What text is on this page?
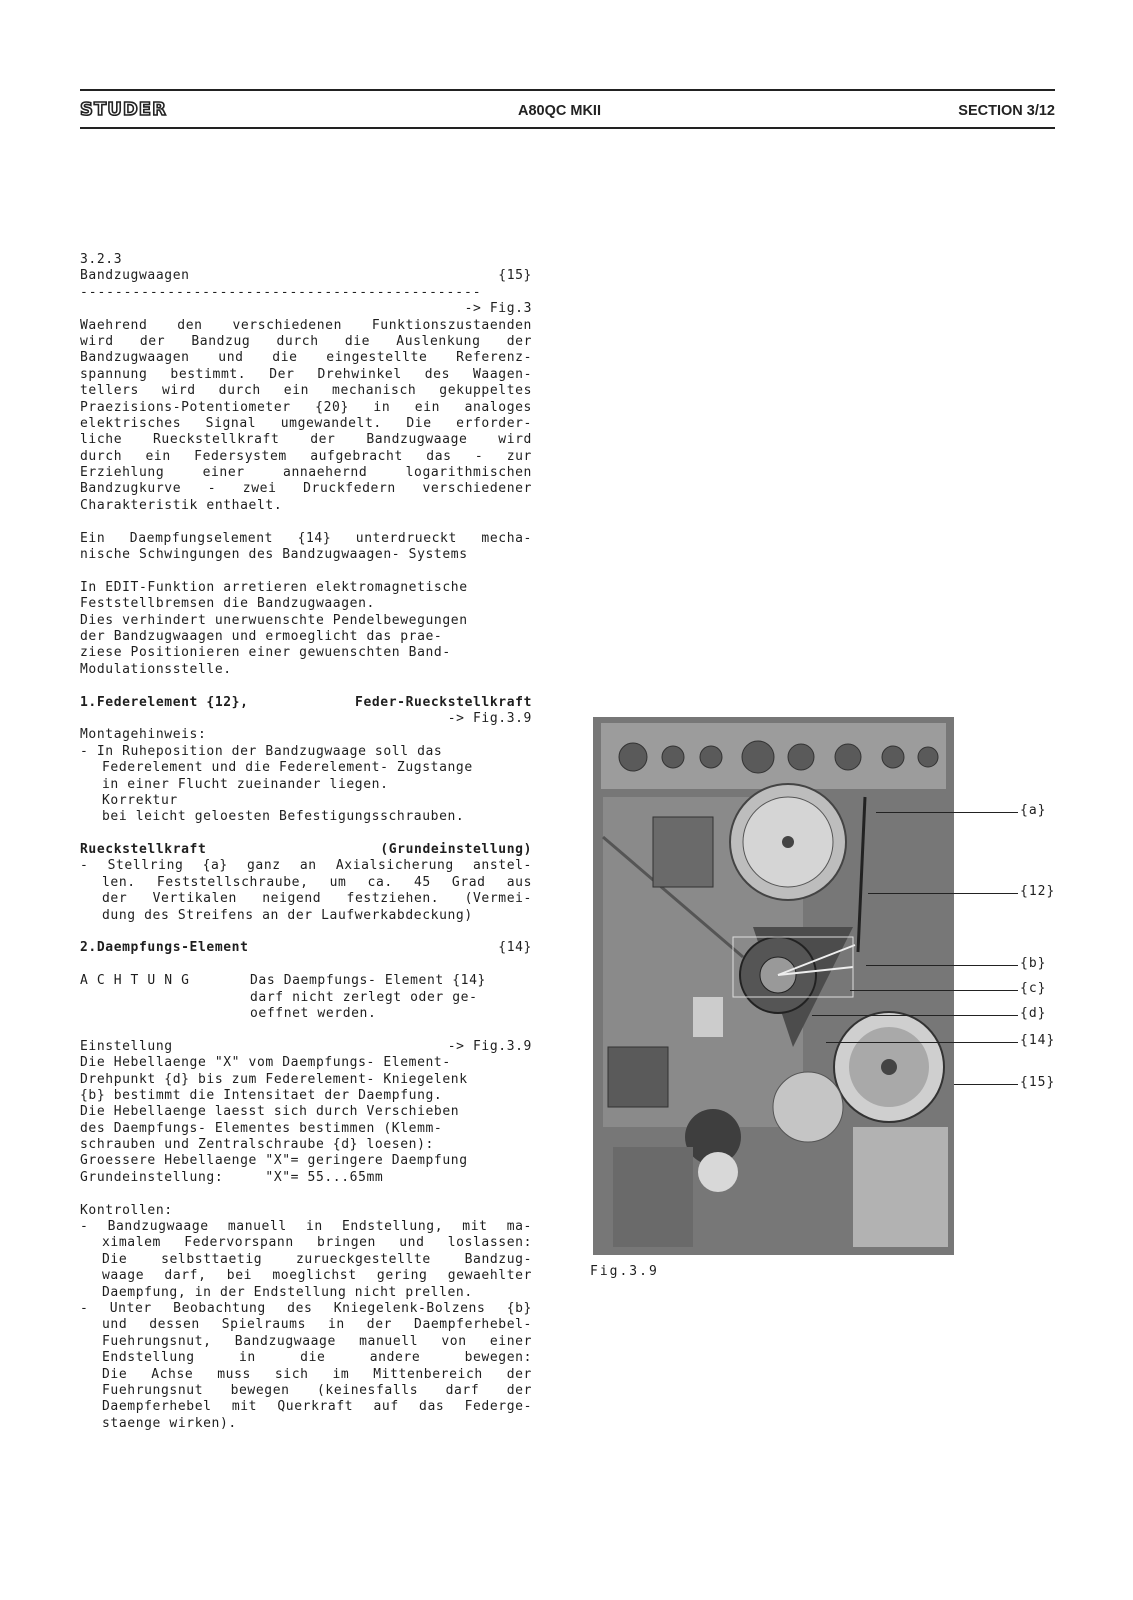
STUDER	A80QC MKII	SECTION 3/12
3.2.3
Bandzugwaagen	{15}
----------------------------------------------
-> Fig.3
Waehrend den verschiedenen Funktionszustaenden
wird der Bandzug durch die Auslenkung der
Bandzugwaagen und die eingestellte Referenz-
spannung bestimmt. Der Drehwinkel des Waagen-
tellers wird durch ein mechanisch gekuppeltes
Praezisions-Potentiometer {20} in ein analoges
elektrisches Signal umgewandelt. Die erforder-
liche Rueckstellkraft der Bandzugwaage wird
durch ein Federsystem aufgebracht das - zur
Erziehlung einer annaehernd logarithmischen
Bandzugkurve - zwei Druckfedern verschiedener
Charakteristik enthaelt.
Ein Daempfungselement {14} unterdrueckt mecha-
nische Schwingungen des Bandzugwaagen- Systems
In EDIT-Funktion arretieren elektromagnetische
Feststellbremsen die Bandzugwaagen.
Dies verhindert unerwuenschte Pendelbewegungen
der Bandzugwaagen und ermoeglicht das prae-
ziese Positionieren einer gewuenschten Band-
Modulationsstelle.
1.Federelement {12},	Feder-Rueckstellkraft
-> Fig.3.9
Montagehinweis:
- In Ruheposition der Bandzugwaage soll das
Federelement und die Federelement- Zugstange
in einer Flucht zueinander liegen.
Korrektur
bei leicht geloesten Befestigungsschrauben.
Rueckstellkraft	(Grundeinstellung)
- Stellring {a} ganz an Axialsicherung anstel-
len. Feststellschraube, um ca. 45 Grad aus
der Vertikalen neigend festziehen. (Vermei-
dung des Streifens an der Laufwerkabdeckung)
2.Daempfungs-Element	{14}
A C H T U N G	Das Daempfungs- Element {14}
darf nicht zerlegt oder ge-
oeffnet werden.
Einstellung	-> Fig.3.9
Die Hebellaenge "X" vom Daempfungs- Element-
Drehpunkt {d} bis zum Federelement- Kniegelenk
{b} bestimmt die Intensitaet der Daempfung.
Die Hebellaenge laesst sich durch Verschieben
des Daempfungs- Elementes bestimmen (Klemm-
schrauben und Zentralschraube {d} loesen):
Groessere Hebellaenge "X"= geringere Daempfung
Grundeinstellung:     "X"= 55...65mm
Kontrollen:
- Bandzugwaage manuell in Endstellung, mit ma-
ximalem Federvorspann bringen und loslassen:
Die selbsttaetig zurueckgestellte Bandzug-
waage darf, bei moeglichst gering gewaehlter
Daempfung, in der Endstellung nicht prellen.
- Unter Beobachtung des Kniegelenk-Bolzens {b}
und dessen Spielraums in der Daempferhebel-
Fuehrungsnut, Bandzugwaage manuell von einer
Endstellung in die andere bewegen:
Die Achse muss sich im Mittenbereich der
Fuehrungsnut bewegen (keinesfalls darf der
Daempferhebel mit Querkraft auf das Federge-
staenge wirken).
{a}
{12}
{b}
{c}
{d}
{14}
{15}
Fig.3.9
